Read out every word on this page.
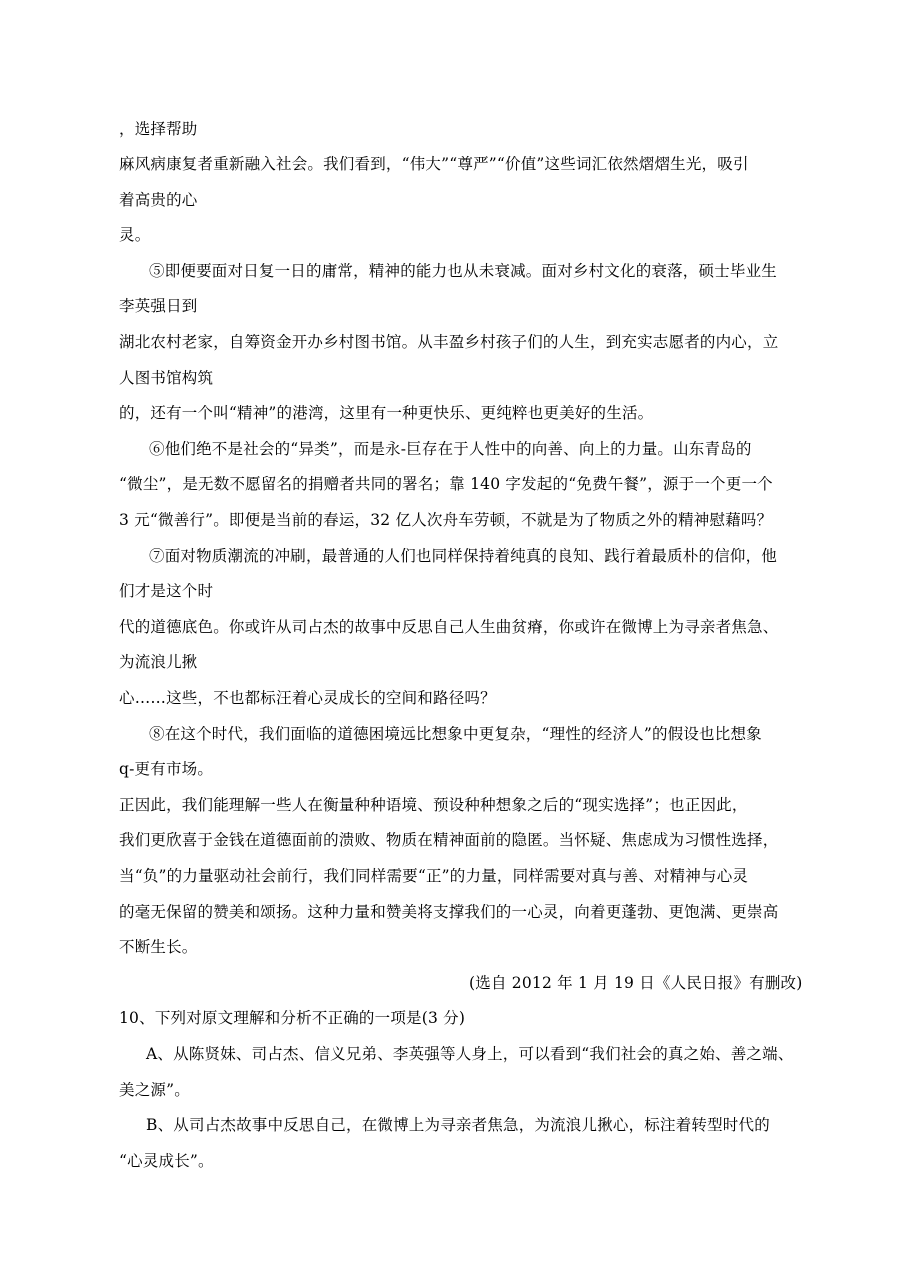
，选择帮助
麻风病康复者重新融入社会。我们看到，“伟大”“尊严”“价值”这些词汇依然熠熠生光，吸引
着高贵的心
灵。
⑤即便要面对日复一日的庸常，精神的能力也从未衰减。面对乡村文化的衰落，硕士毕业生
李英强日到
湖北农村老家，自筹资金开办乡村图书馆。从丰盈乡村孩子们的人生，到充实志愿者的内心，立
人图书馆构筑
的，还有一个叫“精神”的港湾，这里有一种更快乐、更纯粹也更美好的生活。
⑥他们绝不是社会的“异类”，而是永-巨存在于人性中的向善、向上的力量。山东青岛的
“微尘”，是无数不愿留名的捐赠者共同的署名；靠 140 字发起的“免费午餐”，源于一个更一个
3 元“微善行”。即便是当前的春运，32 亿人次舟车劳顿，不就是为了物质之外的精神慰藉吗？
⑦面对物质潮流的冲刷，最普通的人们也同样保持着纯真的良知、践行着最质朴的信仰，他
们才是这个时
代的道德底色。你或许从司占杰的故事中反思自己人生曲贫瘠，你或许在微博上为寻亲者焦急、
为流浪儿揪
心……这些，不也都标汪着心灵成长的空间和路径吗？
⑧在这个时代，我们面临的道德困境远比想象中更复杂，“理性的经济人”的假设也比想象
q-更有市场。
正因此，我们能理解一些人在衡量种种语境、预设种种想象之后的“现实选择”；也正因此，
我们更欣喜于金钱在道德面前的溃败、物质在精神面前的隐匿。当怀疑、焦虑成为习惯性选择，
当“负”的力量驱动社会前行，我们同样需要“正”的力量，同样需要对真与善、对精神与心灵
的毫无保留的赞美和颂扬。这种力量和赞美将支撑我们的一心灵，向着更蓬勃、更饱满、更崇高
不断生长。
(选自 2012 年 1 月 19 日《人民日报》有删改)
10、下列对原文理解和分析不正确的一项是(3 分)
A、从陈贤妹、司占杰、信义兄弟、李英强等人身上，可以看到“我们社会的真之始、善之端、
美之源”。
B、从司占杰故事中反思自己，在微博上为寻亲者焦急，为流浪儿揪心，标注着转型时代的
“心灵成长”。
